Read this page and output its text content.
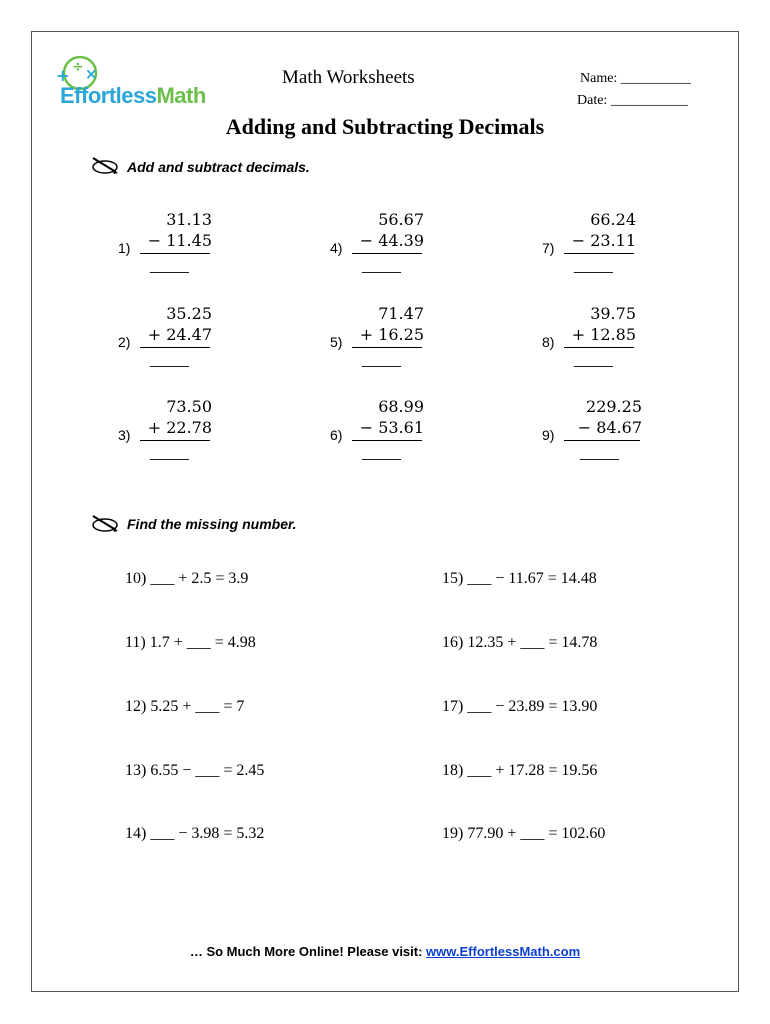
+ ÷ ×
EffortlessMath
Math Worksheets	Name: __________
Date: ___________
Adding and Subtracting Decimals
Add and subtract decimals.
1)
31.13
− 11.45
_____
2)
35.25
+ 24.47
_____
3)
73.50
+ 22.78
_____
4)
56.67
− 44.39
_____
5)
71.47
+ 16.25
_____
6)
68.99
− 53.61
_____
7)
66.24
− 23.11
_____
8)
39.75
+ 12.85
_____
9)
229.25
− 84.67
_____
Find the missing number.
10) ___ + 2.5 = 3.9
11) 1.7 + ___ = 4.98
12) 5.25 + ___ = 7
13) 6.55 − ___ = 2.45
14) ___ − 3.98 = 5.32
15) ___ − 11.67 = 14.48
16) 12.35 + ___ = 14.78
17) ___ − 23.89 = 13.90
18) ___ + 17.28 = 19.56
19) 77.90 + ___ = 102.60
… So Much More Online! Please visit: www.EffortlessMath.com
